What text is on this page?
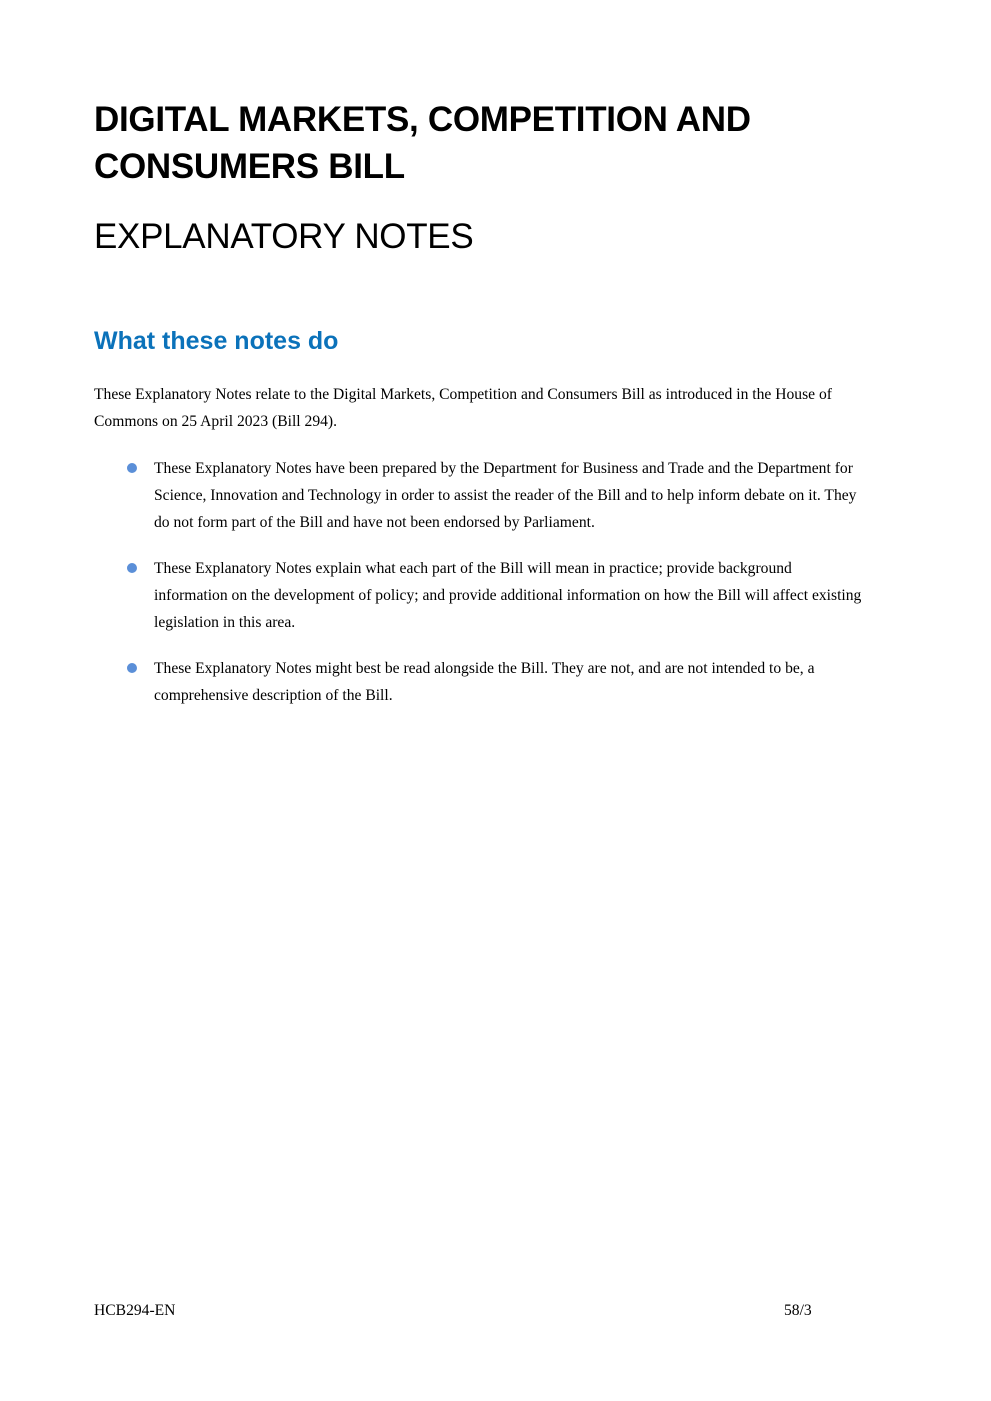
DIGITAL MARKETS, COMPETITION AND CONSUMERS BILL
EXPLANATORY NOTES
What these notes do

These Explanatory Notes relate to the Digital Markets, Competition and Consumers Bill as introduced in the House of Commons on 25 April 2023 (Bill 294).

These Explanatory Notes have been prepared by the Department for Business and Trade and the Department for Science, Innovation and Technology in order to assist the reader of the Bill and to help inform debate on it. They do not form part of the Bill and have not been endorsed by Parliament.
These Explanatory Notes explain what each part of the Bill will mean in practice; provide background information on the development of policy; and provide additional information on how the Bill will affect existing legislation in this area.
These Explanatory Notes might best be read alongside the Bill. They are not, and are not intended to be, a comprehensive description of the Bill.
HCB294-EN	58/3
